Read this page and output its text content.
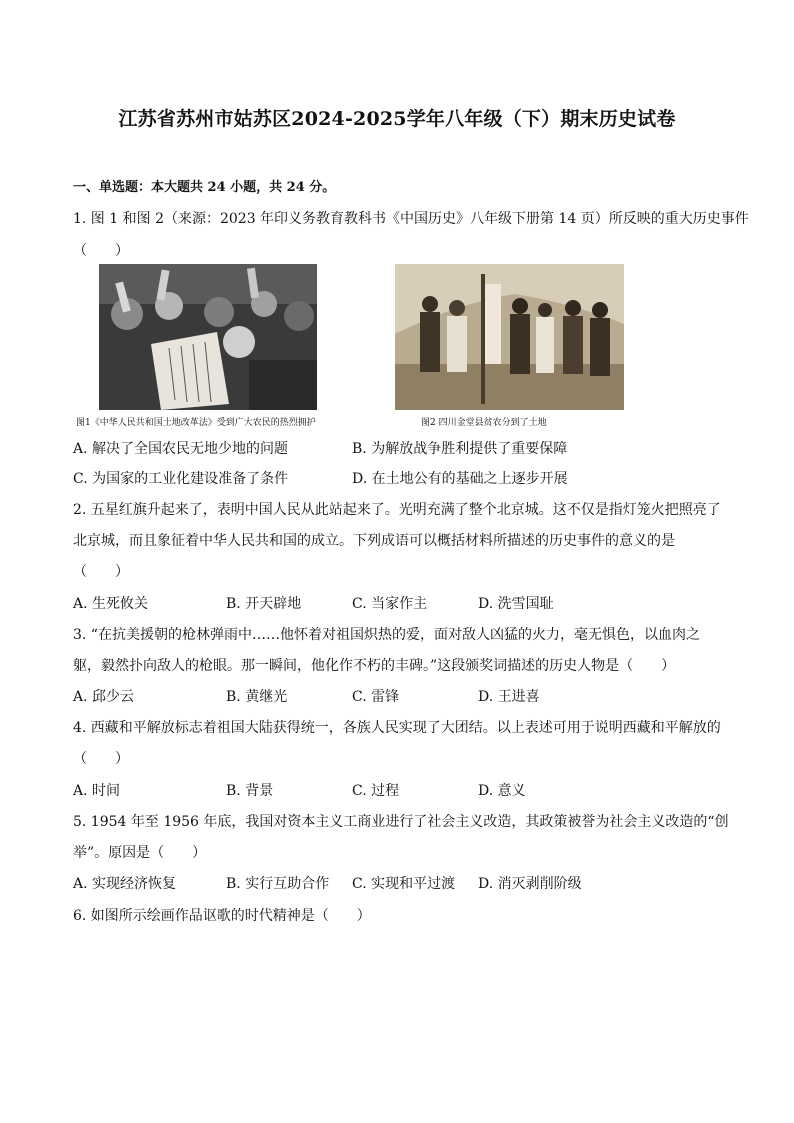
江苏省苏州市姑苏区2024-2025学年八年级（下）期末历史试卷
一、单选题：本大题共 24 小题，共 24 分。
1. 图 1 和图 2（来源：2023 年印义务教育教科书《中国历史》八年级下册第 14 页）所反映的重大历史事件
（　　）
图1《中华人民共和国土地改革法》受到广大农民的热烈拥护	图2 四川金堂县贫农分到了土地
A. 解决了全国农民无地少地的问题	B. 为解放战争胜利提供了重要保障
C. 为国家的工业化建设准备了条件	D. 在土地公有的基础之上逐步开展
2. 五星红旗升起来了，表明中国人民从此站起来了。光明充满了整个北京城。这不仅是指灯笼火把照亮了
北京城，而且象征着中华人民共和国的成立。下列成语可以概括材料所描述的历史事件的意义的是
（　　）
A. 生死攸关	B. 开天辟地	C. 当家作主	D. 洗雪国耻
3. “在抗美援朝的枪林弹雨中……他怀着对祖国炽热的爱，面对敌人凶猛的火力，毫无惧色，以血肉之
躯，毅然扑向敌人的枪眼。那一瞬间，他化作不朽的丰碑。”这段颁奖词描述的历史人物是（　　）
A. 邱少云	B. 黄继光	C. 雷锋	D. 王进喜
4. 西藏和平解放标志着祖国大陆获得统一，各族人民实现了大团结。以上表述可用于说明西藏和平解放的
（　　）
A. 时间	B. 背景	C. 过程	D. 意义
5. 1954 年至 1956 年底，我国对资本主义工商业进行了社会主义改造，其政策被誉为社会主义改造的“创
举”。原因是（　　）
A. 实现经济恢复	B. 实行互助合作 C. 实现和平过渡 D. 消灭剥削阶级
6. 如图所示绘画作品讴歌的时代精神是（　　）
